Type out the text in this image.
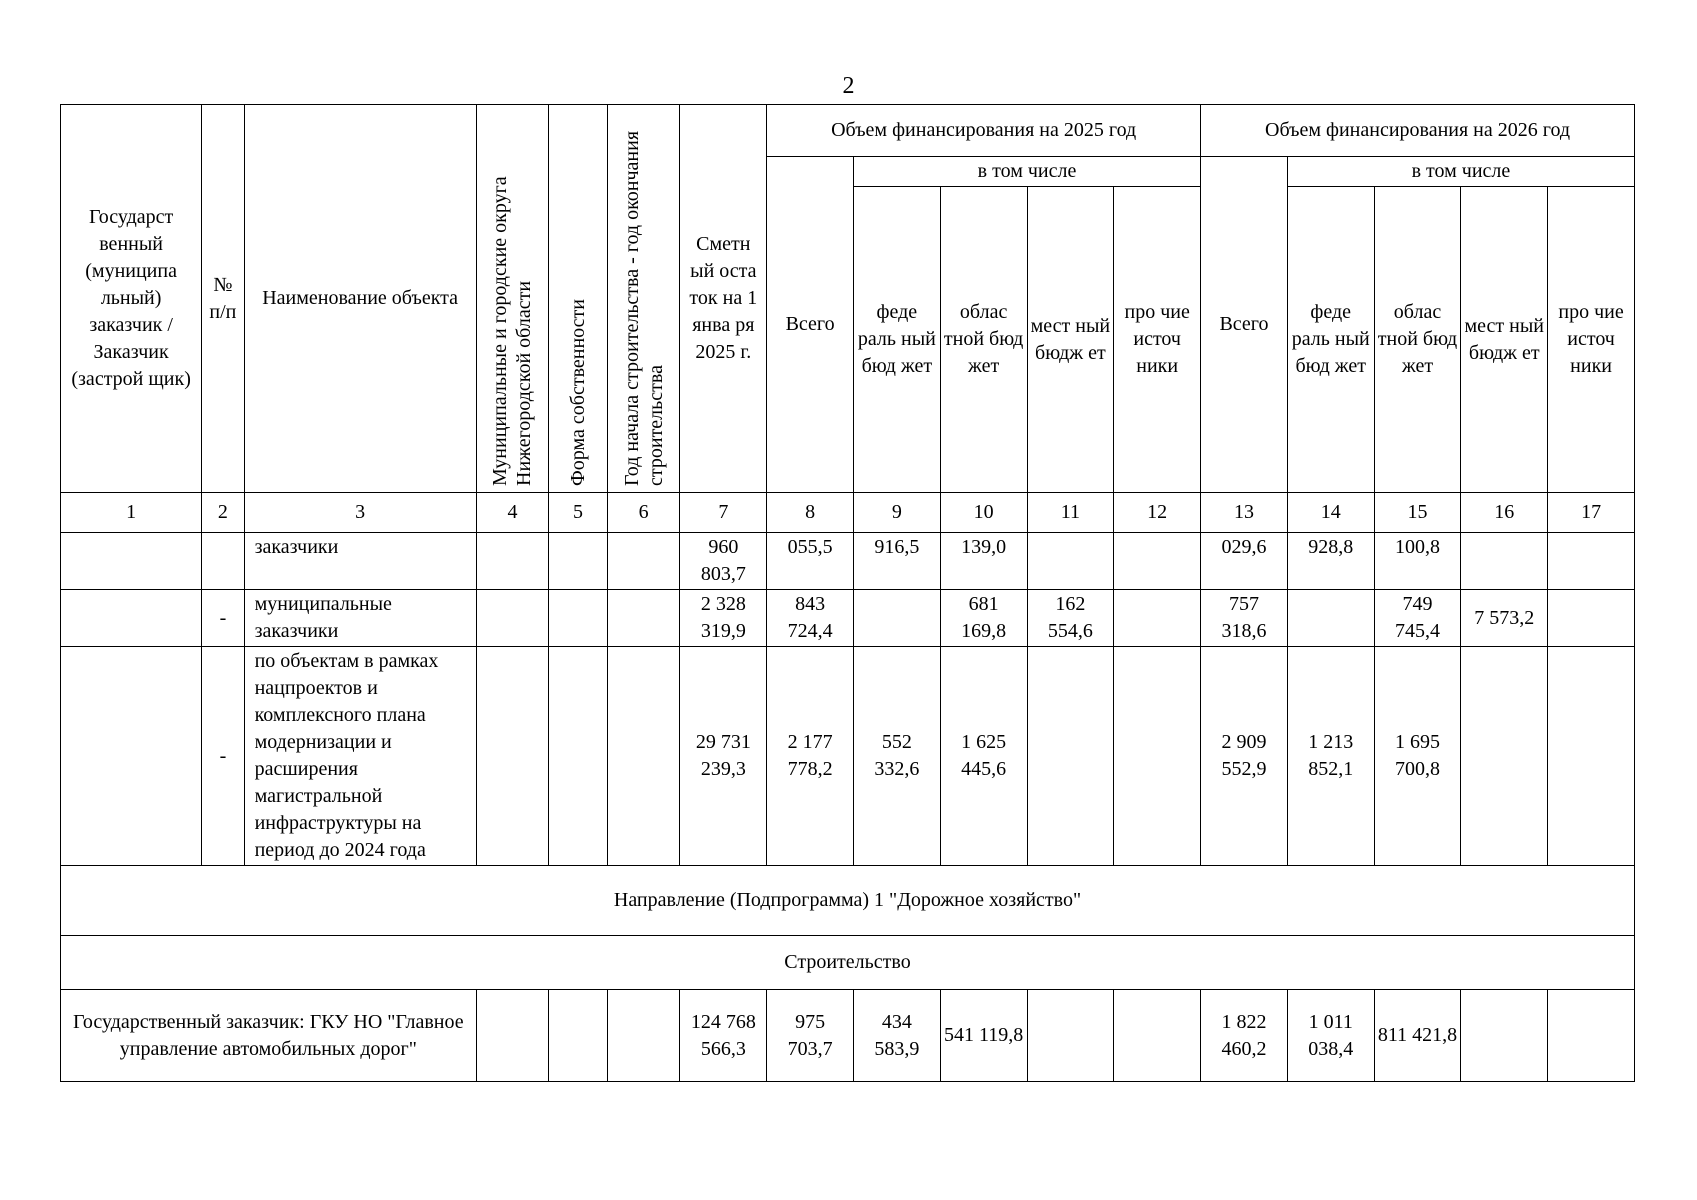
2
Государст венный (муниципа льный) заказчик / Заказчик (застрой щик)	№ п/п	Наименование объекта	Муниципальные и городские округа Нижегородской области	Форма собственности	Год начала строительства - год окончания строительства	Сметн ый оста ток на 1 янва ря 2025 г.	Объем финансирования на 2025 год					Объем финансирования на 2026 год				
							Всего	в том числе				Всего	в том числе			
								феде раль ный бюд жет	облас тной бюд жет	мест ный бюдж ет	про чие источ ники		феде раль ный бюд жет	облас тной бюд жет	мест ный бюдж ет	про чие источ ники
1	2	3	4	5	6	7	8	9	10	11	12	13	14	15	16	17
		заказчики				960 803,7	055,5	916,5	139,0			029,6	928,8	100,8		
	-	муниципальные заказчики				2 328 319,9	843 724,4		681 169,8	162 554,6		757 318,6		749 745,4	7 573,2	
	-	по объектам в рамках нацпроектов и комплексного плана модернизации и расширения магистральной инфраструктуры на период до 2024 года				29 731 239,3	2 177 778,2	552 332,6	1 625 445,6			2 909 552,9	1 213 852,1	1 695 700,8		
Направление (Подпрограмма) 1 "Дорожное хозяйство"																
Строительство																
Государственный заказчик: ГКУ НО "Главное управление автомобильных дорог"						124 768 566,3	975 703,7	434 583,9	541 119,8			1 822 460,2	1 011 038,4	811 421,8		
